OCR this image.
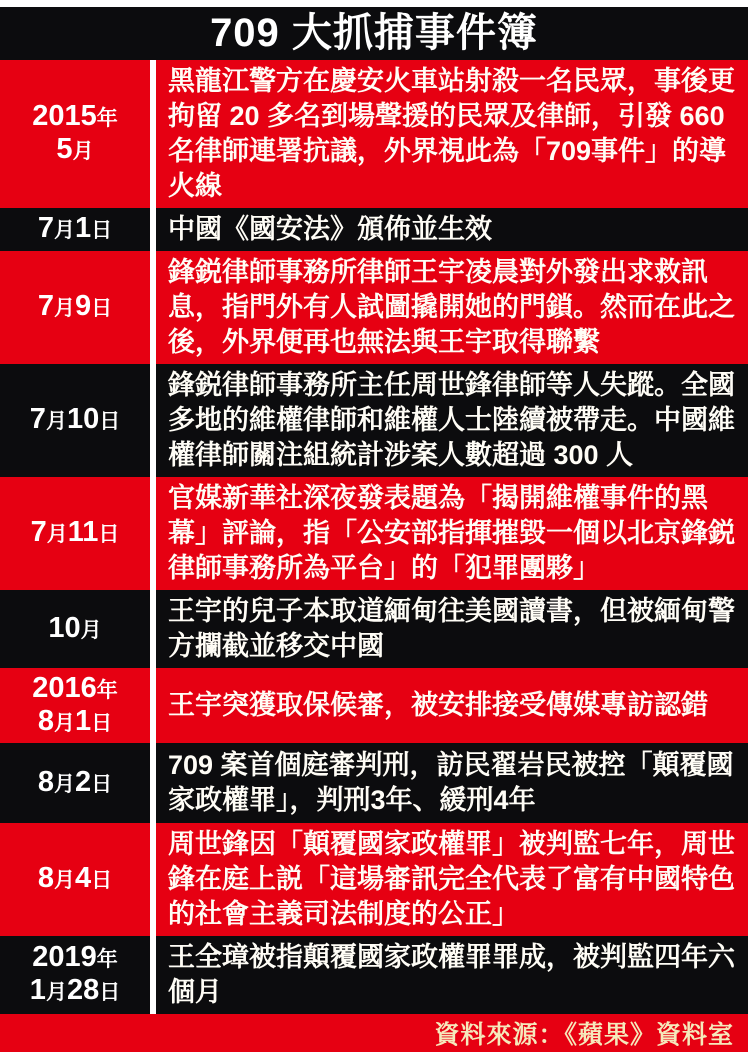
709 大抓捕事件簿
2015年
5月

黑龍江警方在慶安火車站射殺一名民眾，事後更拘留 20 多名到場聲援的民眾及律師，引發 660 名律師連署抗議，外界視此為「709事件」的導火線

7月1日 中國《國安法》頒佈並生效

7月9日

鋒鋭律師事務所律師王宇凌晨對外發出求救訊息，指門外有人試圖撬開她的門鎖。然而在此之後，外界便再也無法與王宇取得聯繫

7月10日

鋒鋭律師事務所主任周世鋒律師等人失蹤。全國多地的維權律師和維權人士陸續被帶走。中國維權律師關注組統計涉案人數超過 300 人

7月11日

官媒新華社深夜發表題為「揭開維權事件的黑幕」評論，指「公安部指揮摧毀一個以北京鋒鋭律師事務所為平台」的「犯罪團夥」

10月

王宇的兒子本取道緬甸往美國讀書，但被緬甸警方攔截並移交中國

2016年
8月1日

王宇突獲取保候審，被安排接受傳媒專訪認錯

8月2日

709 案首個庭審判刑，訪民翟岩民被控「顛覆國家政權罪」，判刑3年、緩刑4年

8月4日

周世鋒因「顛覆國家政權罪」被判監七年，周世鋒在庭上説「這場審訊完全代表了富有中國特色的社會主義司法制度的公正」

2019年
1月28日

王全璋被指顛覆國家政權罪罪成，被判監四年六個月

資料來源：《蘋果》資料室
